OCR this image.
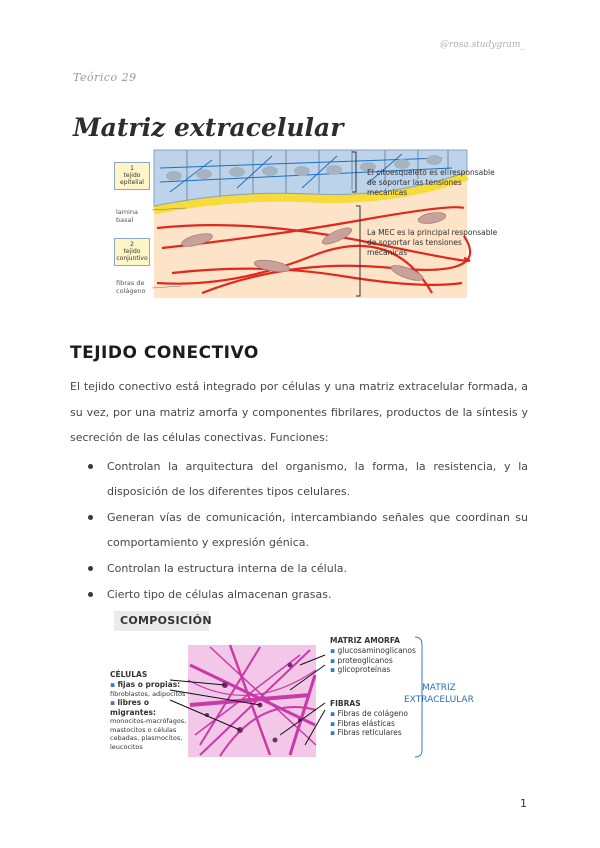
@rosa.studygram_
Teórico 29
Matriz extracelular
1
tejido epitelial
lamina basal
2
tejido conjuntivo
fibras de colágeno
El citoesqueleto es el responsable de soportar las tensiones mecánicas
La MEC es la principal responsable de soportar las tensiones mecánicas
TEJIDO CONECTIVO

El tejido conectivo está integrado por células y una matriz extracelular formada, a su vez, por una matriz amorfa y componentes fibrilares, productos de la síntesis y secreción de las células conectivas. Funciones:

Controlan la arquitectura del organismo, la forma, la resistencia, y la disposición de los diferentes tipos celulares.
Generan vías de comunicación, intercambiando señales que coordinan su comportamiento y expresión génica.
Controlan la estructura interna de la célula.
Cierto tipo de células almacenan grasas.
COMPOSICIÓN
CÉLULAS
▪ fijas o propias:
fibroblastos, adipocitos
▪ libres o migrantes:
monocitos-macrófagos, mastocitos o células cebadas, plasmocitos, leucocitos
MATRIZ AMORFA
▪ glucosaminoglicanos
▪ proteoglicanos
▪ glicoproteínas
FIBRAS
▪ Fibras de colágeno
▪ Fibras elásticas
▪ Fibras reticulares
MATRIZ
EXTRACELULAR
1
